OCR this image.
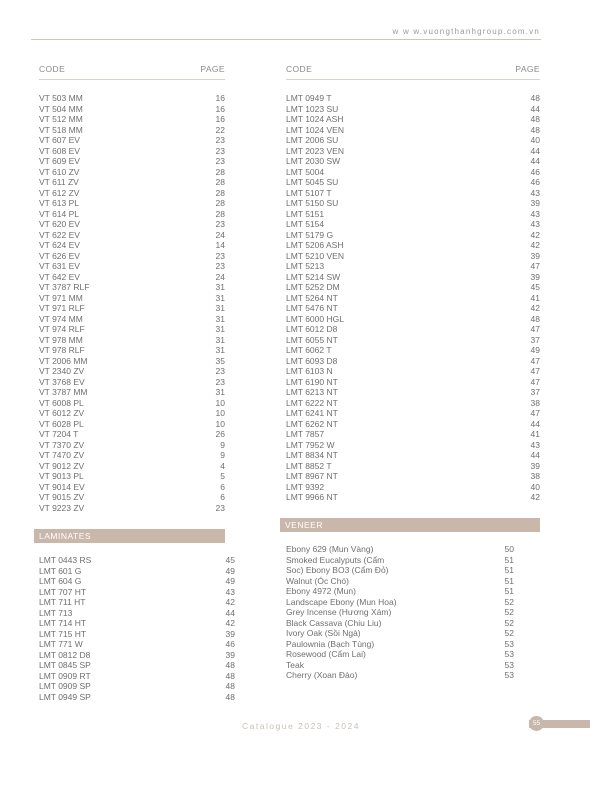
w w w.vuongthanhgroup.com.vn
CODE	PAGE
VT 503 MM	16
VT 504 MM	16
VT 512 MM	16
VT 518 MM	22
VT 607 EV	23
VT 608 EV	23
VT 609 EV	23
VT 610 ZV	28
VT 611 ZV	28
VT 612 ZV	28
VT 613 PL	28
VT 614 PL	28
VT 620 EV	23
VT 622 EV	24
VT 624 EV	14
VT 626 EV	23
VT 631 EV	23
VT 642 EV	24
VT 3787 RLF	31
VT 971 MM	31
VT 971 RLF	31
VT 974 MM	31
VT 974 RLF	31
VT 978 MM	31
VT 978 RLF	31
VT 2006 MM	35
VT 2340 ZV	23
VT 3768 EV	23
VT 3787 MM	31
VT 6008 PL	10
VT 6012 ZV	10
VT 6028 PL	10
VT 7204 T	26
VT 7370 ZV	9
VT 7470 ZV	9
VT 9012 ZV	4
VT 9013 PL	5
VT 9014 EV	6
VT 9015 ZV	6
VT 9223 ZV	23
CODE	PAGE
LMT 0949 T	48
LMT 1023 SU	44
LMT 1024 ASH	48
LMT 1024 VEN	48
LMT 2006 SU	40
LMT 2023 VEN	44
LMT 2030 SW	44
LMT 5004	46
LMT 5045 SU	46
LMT 5107 T	43
LMT 5150 SU	39
LMT 5151	43
LMT 5154	43
LMT 5179 G	42
LMT 5206 ASH	42
LMT 5210 VEN	39
LMT 5213	47
LMT 5214 SW	39
LMT 5252 DM	45
LMT 5264 NT	41
LMT 5476 NT	42
LMT 6000 HGL	48
LMT 6012 D8	47
LMT 6055 NT	37
LMT 6062 T	49
LMT 6093 D8	47
LMT 6103 N	47
LMT 6190 NT	47
LMT 6213 NT	37
LMT 6222 NT	38
LMT 6241 NT	47
LMT 6262 NT	44
LMT 7857	41
LMT 7952 W	43
LMT 8834 NT	44
LMT 8852 T	39
LMT 8967 NT	38
LMT 9392	40
LMT 9966 NT	42
LAMINATES
LMT 0443 RS	45
LMT 601 G	49
LMT 604 G	49
LMT 707 HT	43
LMT 711 HT	42
LMT 713	44
LMT 714 HT	42
LMT 715 HT	39
LMT 771 W	46
LMT 0812 D8	39
LMT 0845 SP	48
LMT 0909 RT	48
LMT 0909 SP	48
LMT 0949 SP	48
VENEER
Ebony 629 (Mun Vàng)	50
Smoked Eucalyputs (Cẩm	51
Soc) Ebony BO3 (Cẩm Đỏ)	51
Walnut (Óc Chó)	51
Ebony 4972 (Mun)	51
Landscape Ebony (Mun Hoa)	52
Grey Incense (Hương Xám)	52
Black Cassava (Chiu Liu)	52
Ivory Oak (Sồi Ngà)	52
Paulownia (Bạch Tùng)	53
Rosewood (Cẩm Lai)	53
Teak	53
Cherry (Xoan Đào)	53
Catalogue 2023 - 2024	55
